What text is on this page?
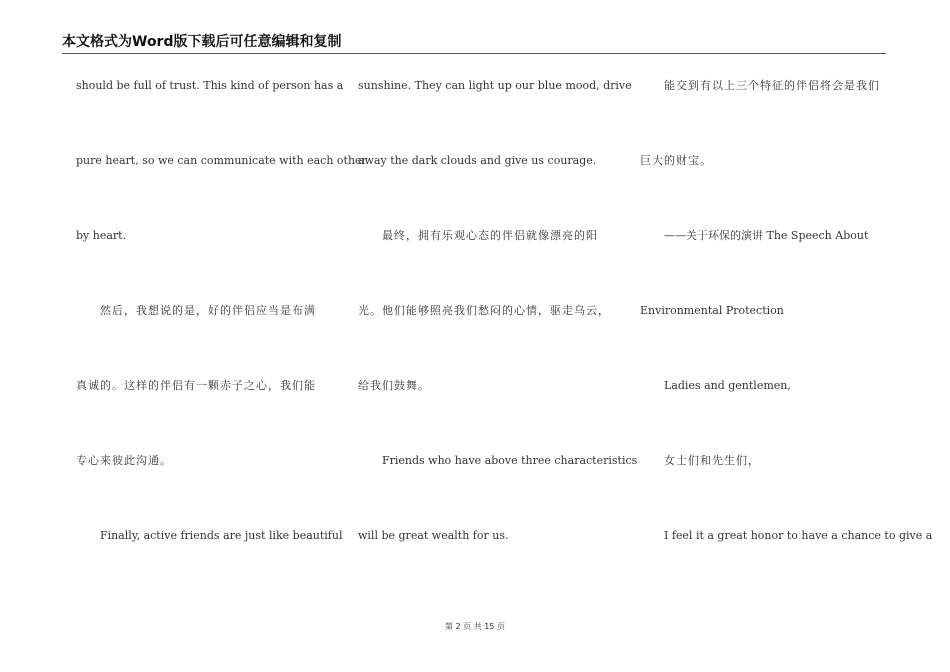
本文格式为Word版下载后可任意编辑和复制
should be full of trust. This kind of person has a
pure heart, so we can communicate with each other
by heart.
然后，我想说的是，好的伴侣应当是布满
真诚的。这样的伴侣有一颗赤子之心，我们能
专心来彼此沟通。
Finally, active friends are just like beautiful
sunshine. They can light up our blue mood, drive
away the dark clouds and give us courage.
最终，拥有乐观心态的伴侣就像漂亮的阳
光。他们能够照亮我们愁闷的心情，驱走乌云，
给我们鼓舞。
Friends who have above three characteristics
will be great wealth for us.
能交到有以上三个特征的伴侣将会是我们
巨大的财宝。
——关于环保的演讲 The Speech About
Environmental Protection
Ladies and gentlemen,
女士们和先生们，
I feel it a great honor to have a chance to give a
第 2 页 共 15 页
